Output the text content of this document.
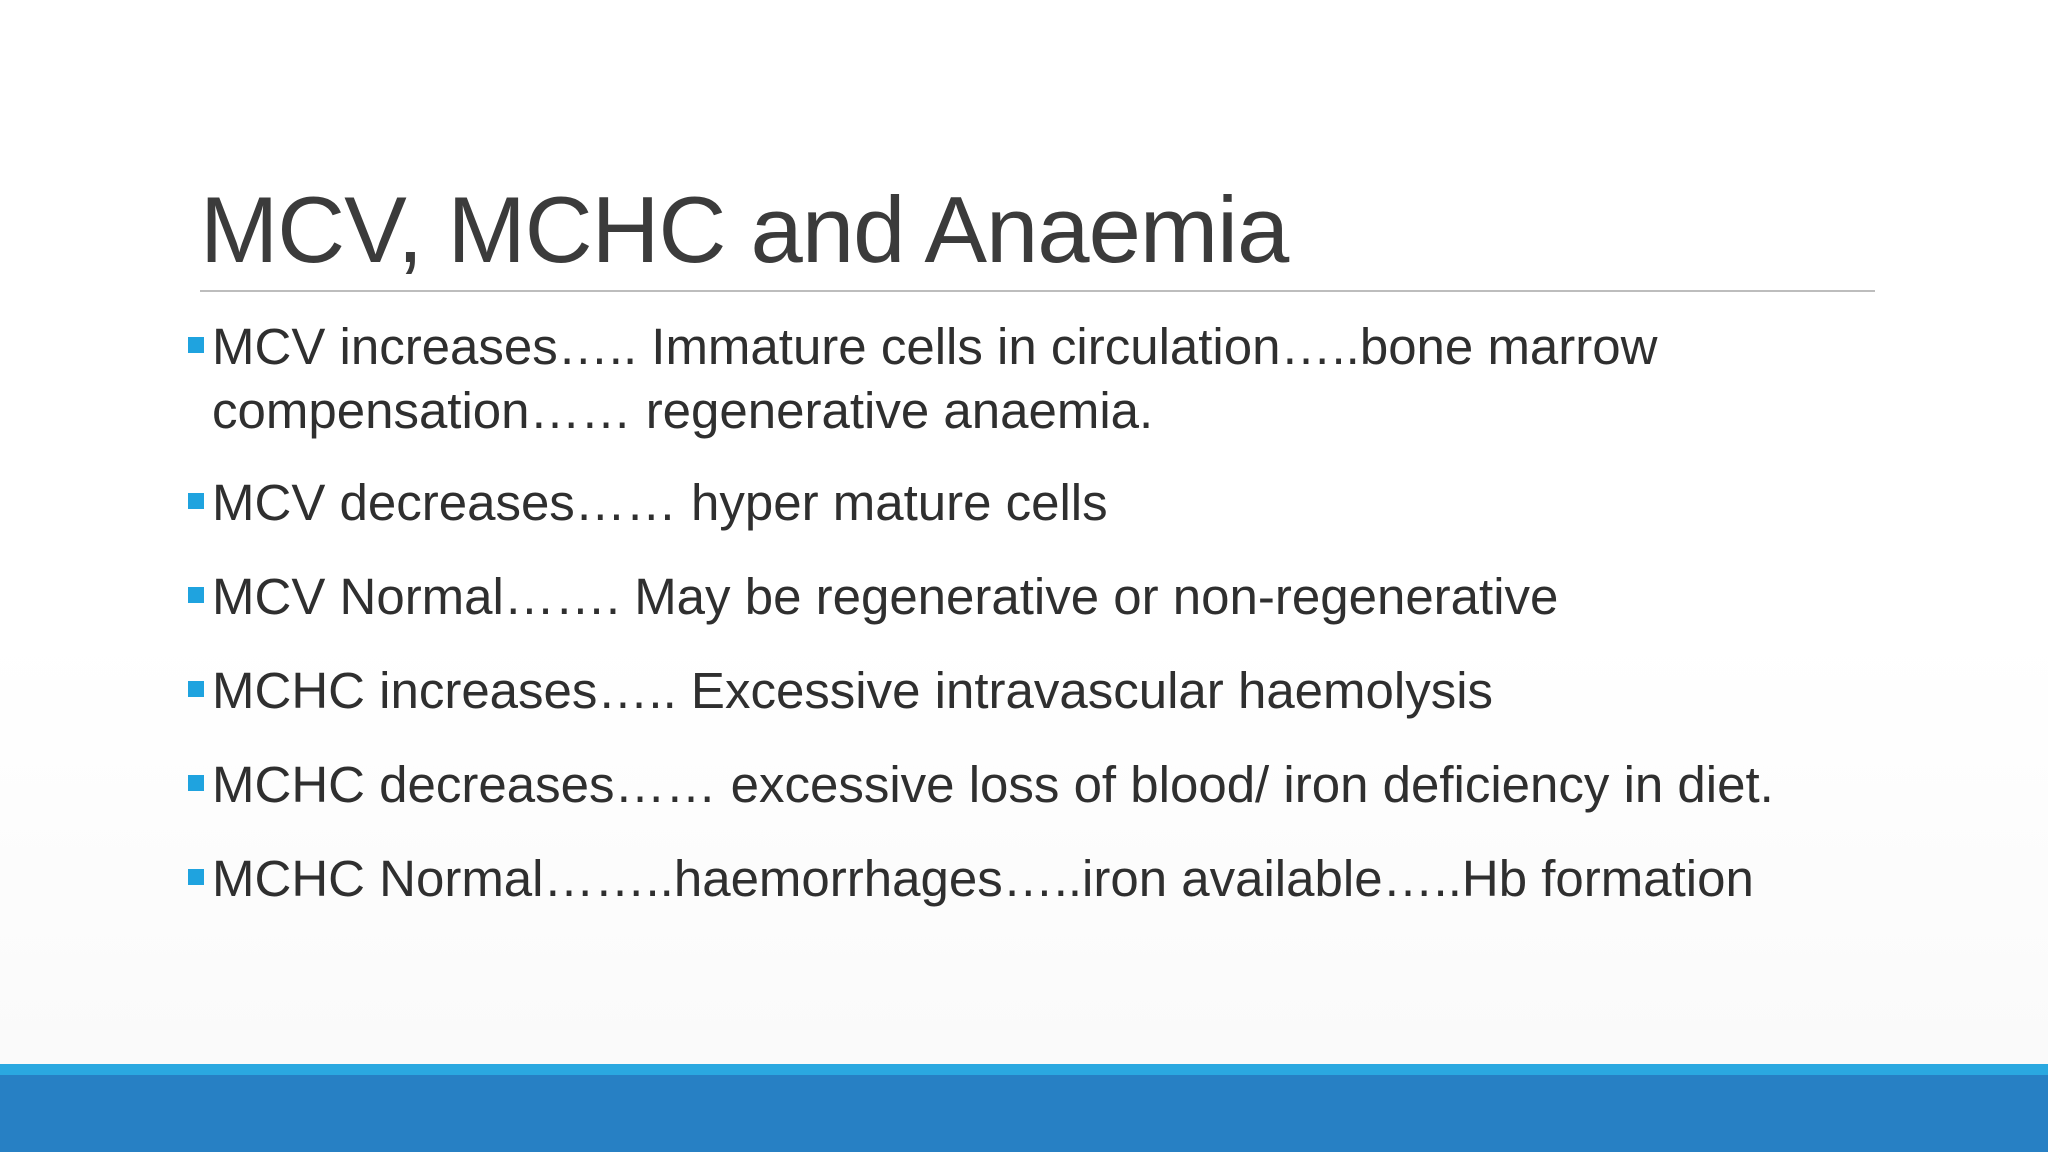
MCV, MCHC and Anaemia
MCV increases….. Immature cells in circulation…..bone marrow compensation…… regenerative anaemia.
MCV decreases…… hyper mature cells
MCV Normal……. May be regenerative or non-regenerative
MCHC increases….. Excessive intravascular haemolysis
MCHC decreases…… excessive loss of blood/ iron deficiency in diet.
MCHC Normal……..haemorrhages…..iron available…..Hb formation
